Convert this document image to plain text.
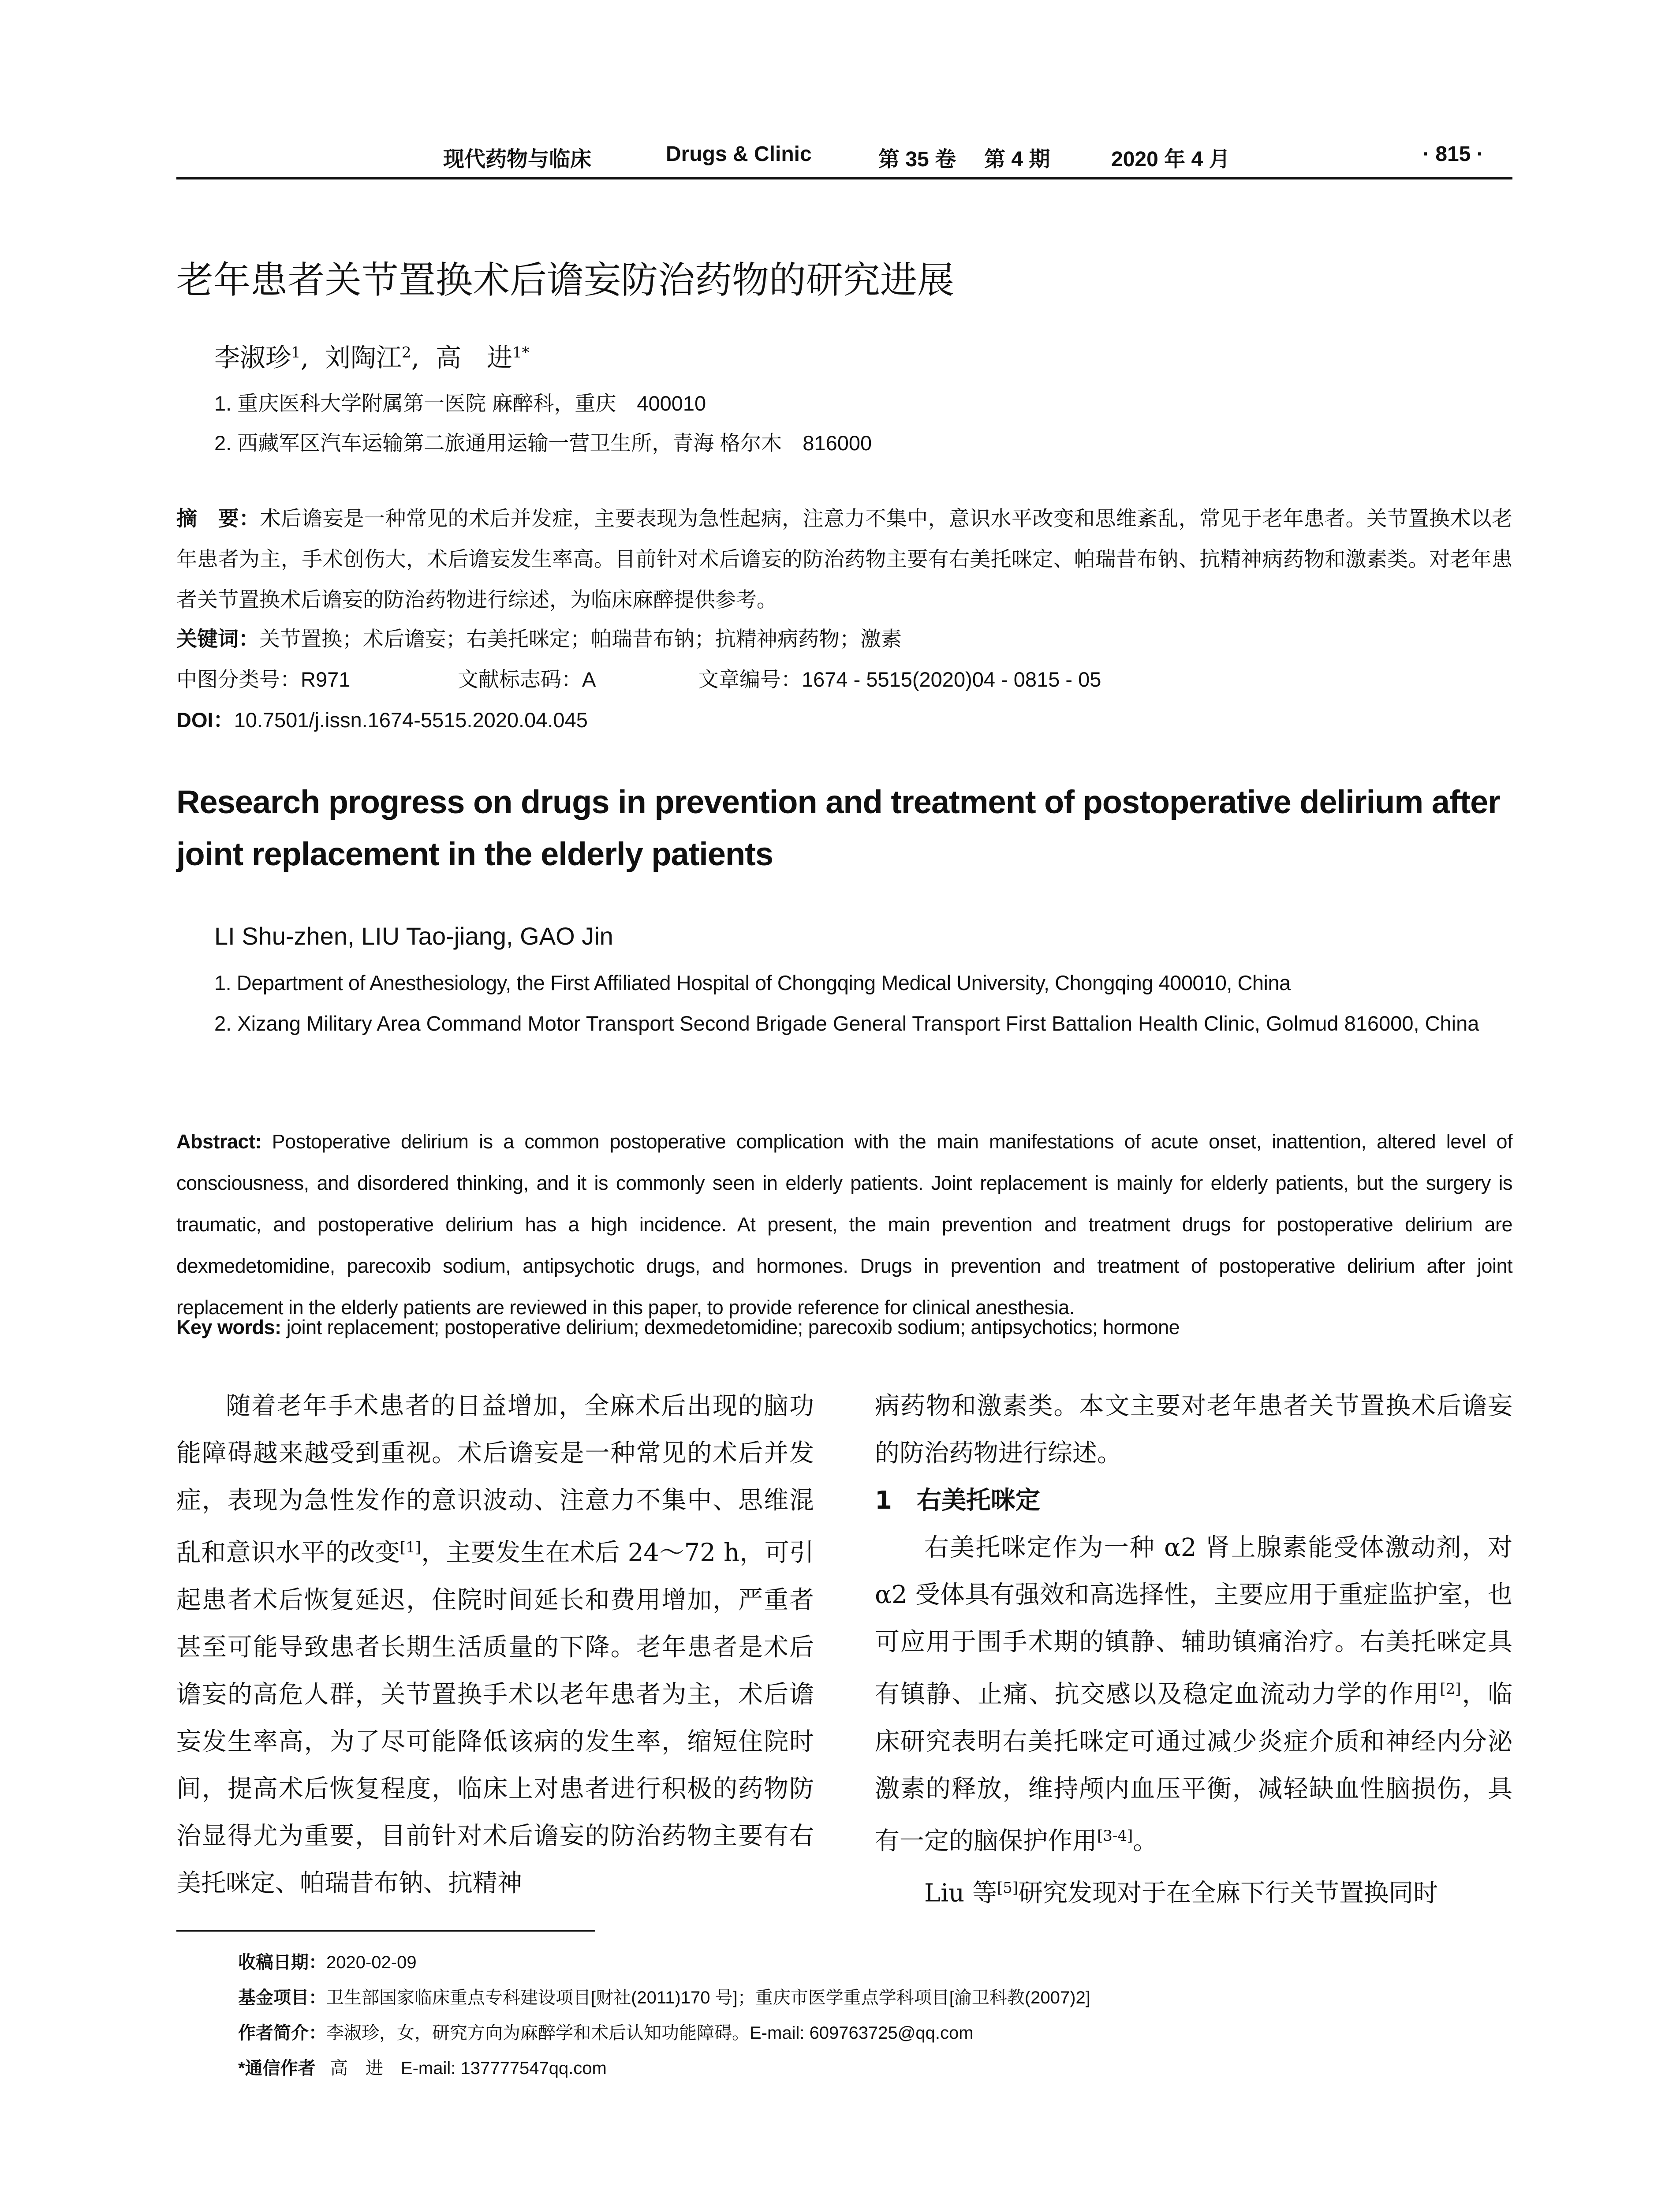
现代药物与临床	Drugs & Clinic	第 35 卷 第 4 期	2020 年 4 月	· 815 ·
老年患者关节置换术后谵妄防治药物的研究进展
李淑珍$^1$,  刘陶江$^2$,  高　进$^{1*}$
1. 重庆医科大学附属第一医院 麻醉科，重庆　400010
2. 西藏军区汽车运输第二旅通用运输一营卫生所，青海 格尔木　816000
摘　要：术后谵妄是一种常见的术后并发症，主要表现为急性起病，注意力不集中，意识水平改变和思维紊乱，常见于老年患者。关节置换术以老年患者为主，手术创伤大，术后谵妄发生率高。目前针对术后谵妄的防治药物主要有右美托咪定、帕瑞昔布钠、抗精神病药物和激素类。对老年患者关节置换术后谵妄的防治药物进行综述，为临床麻醉提供参考。
关键词：关节置换；术后谵妄；右美托咪定；帕瑞昔布钠；抗精神病药物；激素
中图分类号：R971	文献标志码：A	文章编号：1674 - 5515(2020)04 - 0815 - 05
DOI：10.7501/j.issn.1674-5515.2020.04.045
Research progress on drugs in prevention and treatment of postoperative delirium after joint replacement in the elderly patients
LI Shu-zhen, LIU Tao-jiang, GAO Jin
1. Department of Anesthesiology, the First Affiliated Hospital of Chongqing Medical University, Chongqing 400010, China
2. Xizang Military Area Command Motor Transport Second Brigade General Transport First Battalion Health Clinic, Golmud 816000, China
Abstract: Postoperative delirium is a common postoperative complication with the main manifestations of acute onset, inattention, altered level of consciousness, and disordered thinking, and it is commonly seen in elderly patients. Joint replacement is mainly for elderly patients, but the surgery is traumatic, and postoperative delirium has a high incidence. At present, the main prevention and treatment drugs for postoperative delirium are dexmedetomidine, parecoxib sodium, antipsychotic drugs, and hormones. Drugs in prevention and treatment of postoperative delirium after joint replacement in the elderly patients are reviewed in this paper, to provide reference for clinical anesthesia.
Key words: joint replacement; postoperative delirium; dexmedetomidine; parecoxib sodium; antipsychotics; hormone

随着老年手术患者的日益增加，全麻术后出现的脑功能障碍越来越受到重视。术后谵妄是一种常见的术后并发症，表现为急性发作的意识波动、注意力不集中、思维混乱和意识水平的改变[1]，主要发生在术后 24～72 h，可引起患者术后恢复延迟，住院时间延长和费用增加，严重者甚至可能导致患者长期生活质量的下降。老年患者是术后谵妄的高危人群，关节置换手术以老年患者为主，术后谵妄发生率高，为了尽可能降低该病的发生率，缩短住院时间，提高术后恢复程度，临床上对患者进行积极的药物防治显得尤为重要，目前针对术后谵妄的防治药物主要有右美托咪定、帕瑞昔布钠、抗精神

病药物和激素类。本文主要对老年患者关节置换术后谵妄的防治药物进行综述。

1　右美托咪定

右美托咪定作为一种 α2 肾上腺素能受体激动剂，对 α2 受体具有强效和高选择性，主要应用于重症监护室，也可应用于围手术期的镇静、辅助镇痛治疗。右美托咪定具有镇静、止痛、抗交感以及稳定血流动力学的作用[2]，临床研究表明右美托咪定可通过减少炎症介质和神经内分泌激素的释放，维持颅内血压平衡，减轻缺血性脑损伤，具有一定的脑保护作用[3-4]。

Liu 等[5]研究发现对于在全麻下行关节置换同时

收稿日期：2020-02-09
基金项目：卫生部国家临床重点专科建设项目[财社(2011)170 号]；重庆市医学重点学科项目[渝卫科教(2007)2]
作者简介：李淑珍，女，研究方向为麻醉学和术后认知功能障碍。E-mail: 609763725@qq.com
*通信作者 高　进　E-mail: 137777547qq.com
